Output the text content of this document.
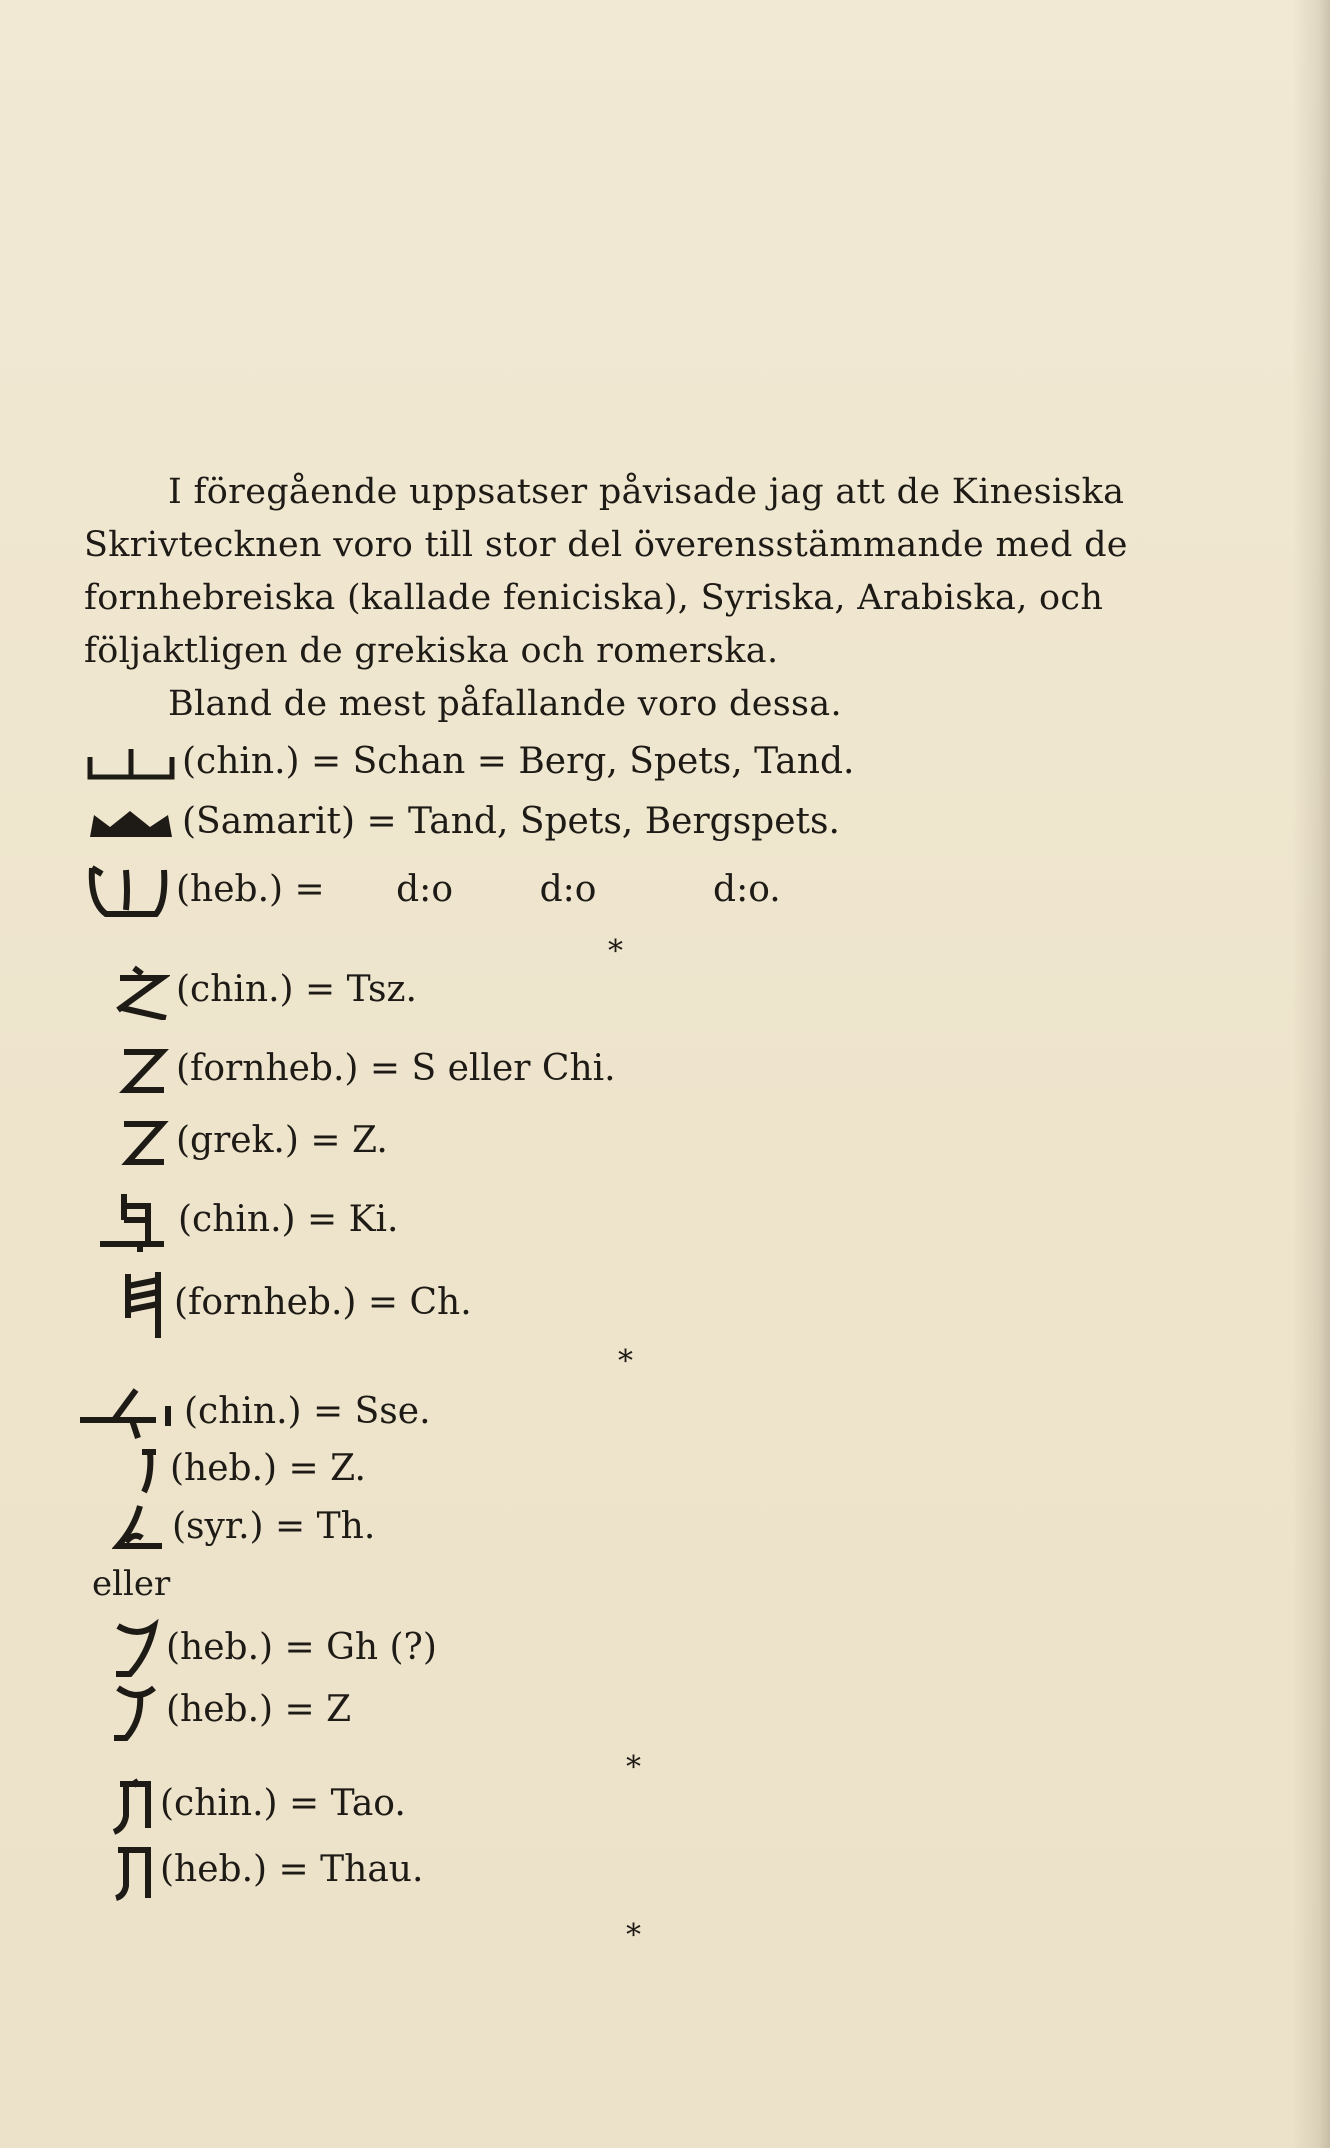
I föregående uppsatser påvisade jag att de Kinesiska

Skrivtecknen voro till stor del överensstämmande med de

fornhebreiska (kallade feniciska), Syriska, Arabiska, och

följaktligen de grekiska och romerska.

Bland de mest påfallande voro dessa.

(chin.) = Schan = Berg, Spets, Tand.
(Samarit) = Tand, Spets, Bergspets.
(heb.) = d:o d:o	d:o.
*
(chin.) = Tsz.
(fornheb.) = S eller Chi.
(grek.) = Z.
(chin.) = Ki.
(fornheb.) = Ch.
*
(chin.) = Sse.
(heb.) = Z.
(syr.) = Th.
eller
(heb.) = Gh (?)
(heb.) = Z
*
(chin.) = Tao.
(heb.) = Thau.
*
